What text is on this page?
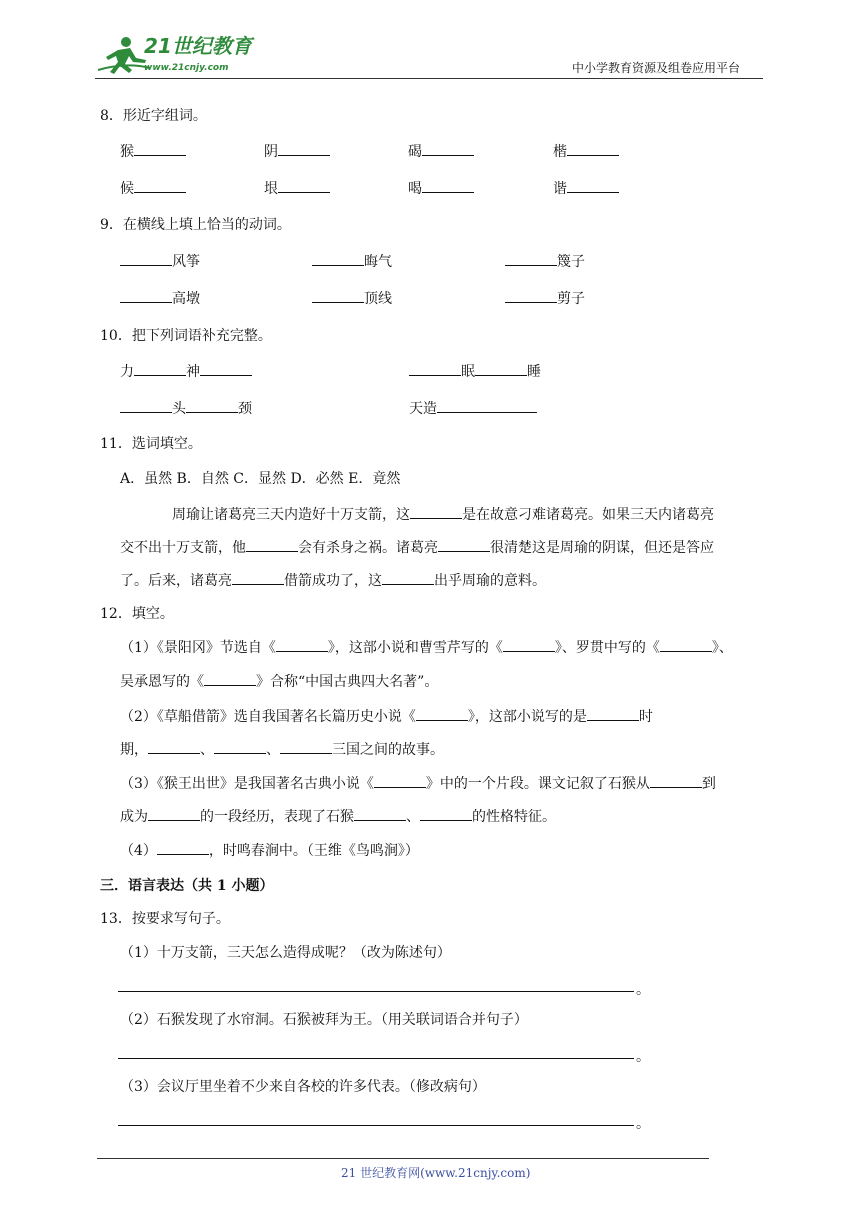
21世纪教育
www.21cnjy.com	中小学教育资源及组卷应用平台
8．形近字组词。
猴	阴	碣	楷
候	垠	喝	谐
9．在横线上填上恰当的动词。
风筝	晦气	篾子
高墩	顶线	剪子
10．把下列词语补充完整。
力	神	眠	睡
头	颈	天造
11．选词填空。
A．虽然 B．自然 C．显然 D．必然 E．竟然
周瑜让诸葛亮三天内造好十万支箭，这	是在故意刁难诸葛亮。如果三天内诸葛亮
交不出十万支箭，他	会有杀身之祸。诸葛亮	很清楚这是周瑜的阴谋，但还是答应
了。后来，诸葛亮	借箭成功了，这	出乎周瑜的意料。
12．填空。
（1）《景阳冈》节选自《	》，这部小说和曹雪芹写的《	》、罗贯中写的《	》、
吴承恩写的《	》合称“中国古典四大名著”。
（2）《草船借箭》选自我国著名长篇历史小说《	》，这部小说写的是	时
期，	、	、	三国之间的故事。
（3）《猴王出世》是我国著名古典小说《	》中的一个片段。课文记叙了石猴从	到
成为	的一段经历，表现了石猴	、	的性格特征。
（4）	，时鸣春涧中。（王维《鸟鸣涧》）
三．语言表达（共 1 小题）
13．按要求写句子。
（1）十万支箭，三天怎么造得成呢？（改为陈述句）
。
（2）石猴发现了水帘洞。石猴被拜为王。（用关联词语合并句子）
。
（3）会议厅里坐着不少来自各校的许多代表。（修改病句）
。
21 世纪教育网(www.21cnjy.com)
